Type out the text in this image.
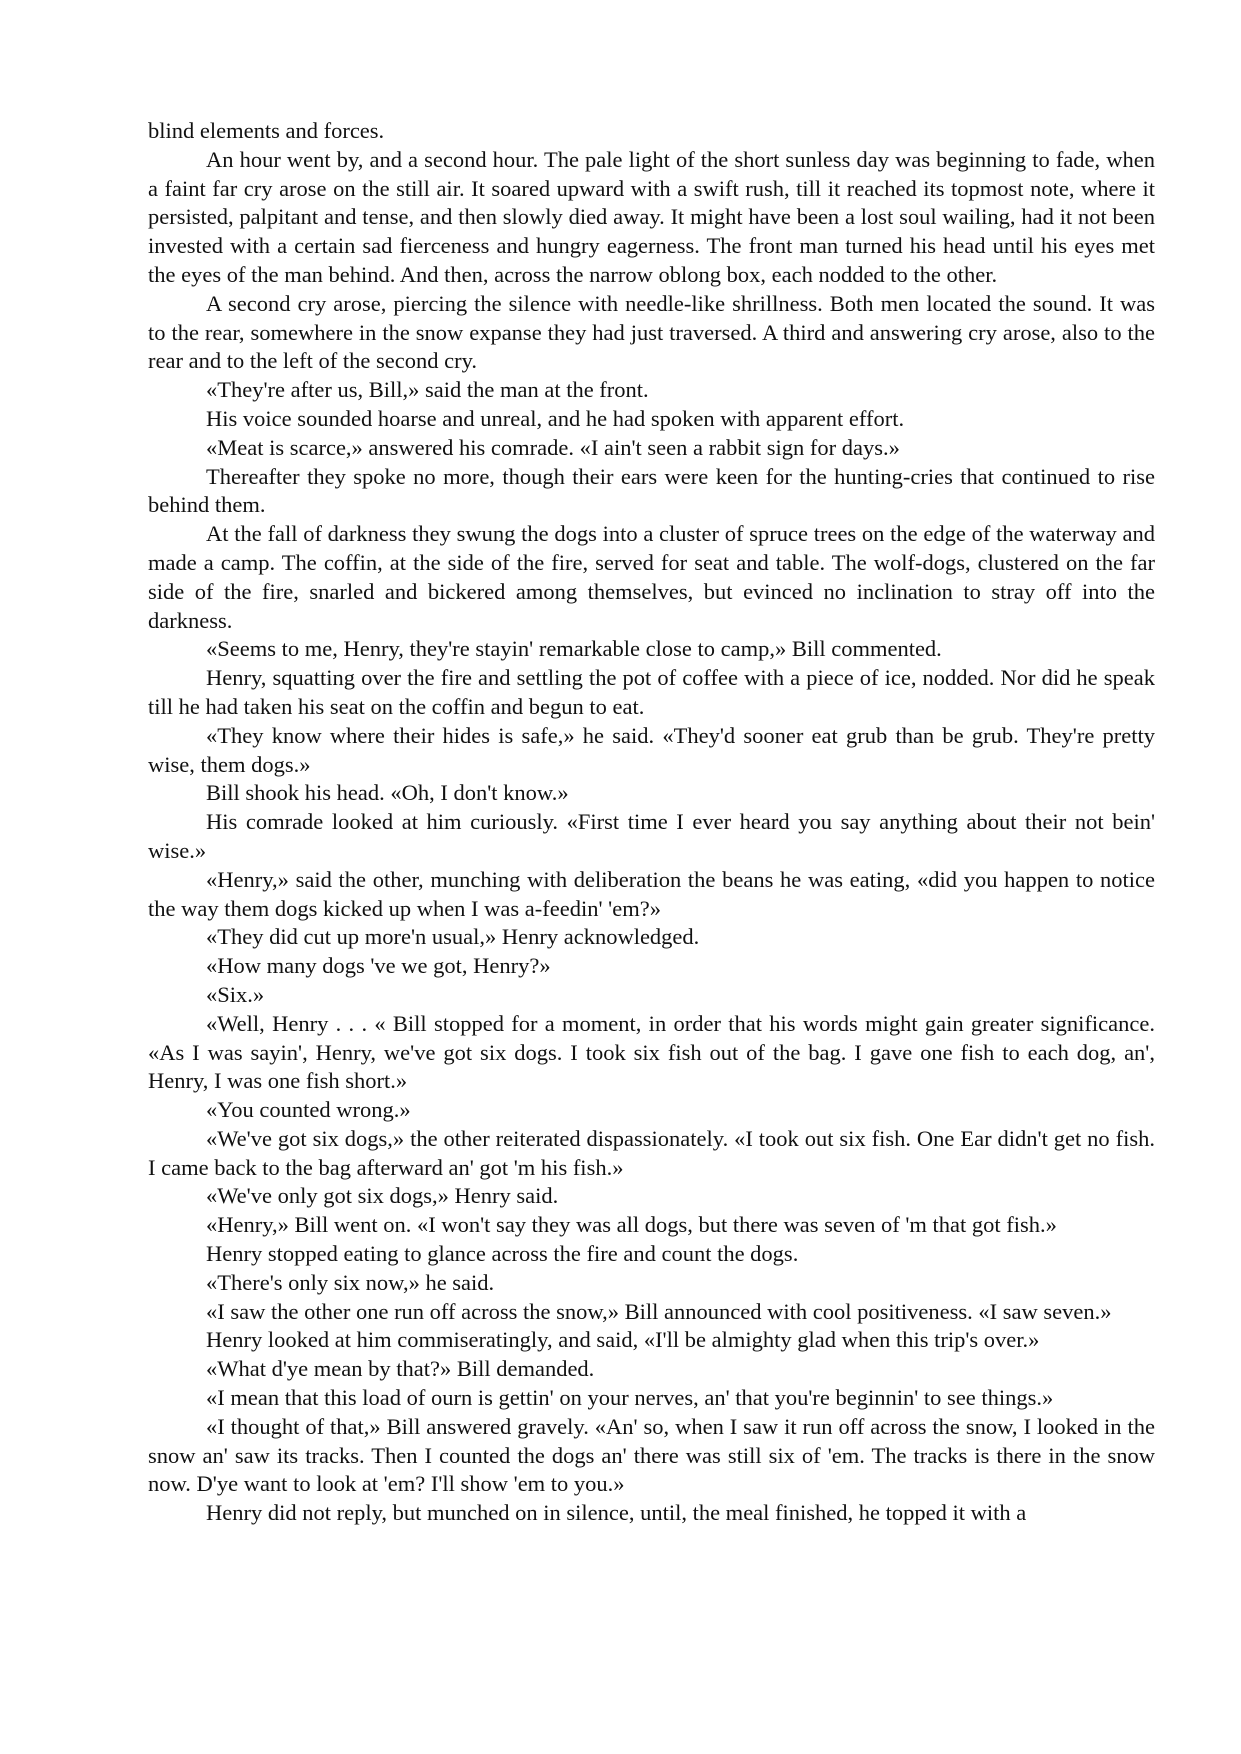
blind elements and forces.

An hour went by, and a second hour. The pale light of the short sunless day was beginning to fade, when a faint far cry arose on the still air. It soared upward with a swift rush, till it reached its topmost note, where it persisted, palpitant and tense, and then slowly died away. It might have been a lost soul wailing, had it not been invested with a certain sad fierceness and hungry eagerness. The front man turned his head until his eyes met the eyes of the man behind. And then, across the narrow oblong box, each nodded to the other.

A second cry arose, piercing the silence with needle-like shrillness. Both men located the sound. It was to the rear, somewhere in the snow expanse they had just traversed. A third and answering cry arose, also to the rear and to the left of the second cry.

«They're after us, Bill,» said the man at the front.

His voice sounded hoarse and unreal, and he had spoken with apparent effort.

«Meat is scarce,» answered his comrade. «I ain't seen a rabbit sign for days.»

Thereafter they spoke no more, though their ears were keen for the hunting-cries that continued to rise behind them.

At the fall of darkness they swung the dogs into a cluster of spruce trees on the edge of the waterway and made a camp. The coffin, at the side of the fire, served for seat and table. The wolf-dogs, clustered on the far side of the fire, snarled and bickered among themselves, but evinced no inclination to stray off into the darkness.

«Seems to me, Henry, they're stayin' remarkable close to camp,» Bill commented.

Henry, squatting over the fire and settling the pot of coffee with a piece of ice, nodded. Nor did he speak till he had taken his seat on the coffin and begun to eat.

«They know where their hides is safe,» he said. «They'd sooner eat grub than be grub. They're pretty wise, them dogs.»

Bill shook his head. «Oh, I don't know.»

His comrade looked at him curiously. «First time I ever heard you say anything about their not bein' wise.»

«Henry,» said the other, munching with deliberation the beans he was eating, «did you happen to notice the way them dogs kicked up when I was a-feedin' 'em?»

«They did cut up more'n usual,» Henry acknowledged.

«How many dogs 've we got, Henry?»

«Six.»

«Well, Henry . . . « Bill stopped for a moment, in order that his words might gain greater significance. «As I was sayin', Henry, we've got six dogs. I took six fish out of the bag. I gave one fish to each dog, an', Henry, I was one fish short.»

«You counted wrong.»

«We've got six dogs,» the other reiterated dispassionately. «I took out six fish. One Ear didn't get no fish. I came back to the bag afterward an' got 'm his fish.»

«We've only got six dogs,» Henry said.

«Henry,» Bill went on. «I won't say they was all dogs, but there was seven of 'm that got fish.»

Henry stopped eating to glance across the fire and count the dogs.

«There's only six now,» he said.

«I saw the other one run off across the snow,» Bill announced with cool positiveness. «I saw seven.»

Henry looked at him commiseratingly, and said, «I'll be almighty glad when this trip's over.»

«What d'ye mean by that?» Bill demanded.

«I mean that this load of ourn is gettin' on your nerves, an' that you're beginnin' to see things.»

«I thought of that,» Bill answered gravely. «An' so, when I saw it run off across the snow, I looked in the snow an' saw its tracks. Then I counted the dogs an' there was still six of 'em. The tracks is there in the snow now. D'ye want to look at 'em? I'll show 'em to you.»

Henry did not reply, but munched on in silence, until, the meal finished, he topped it with a
